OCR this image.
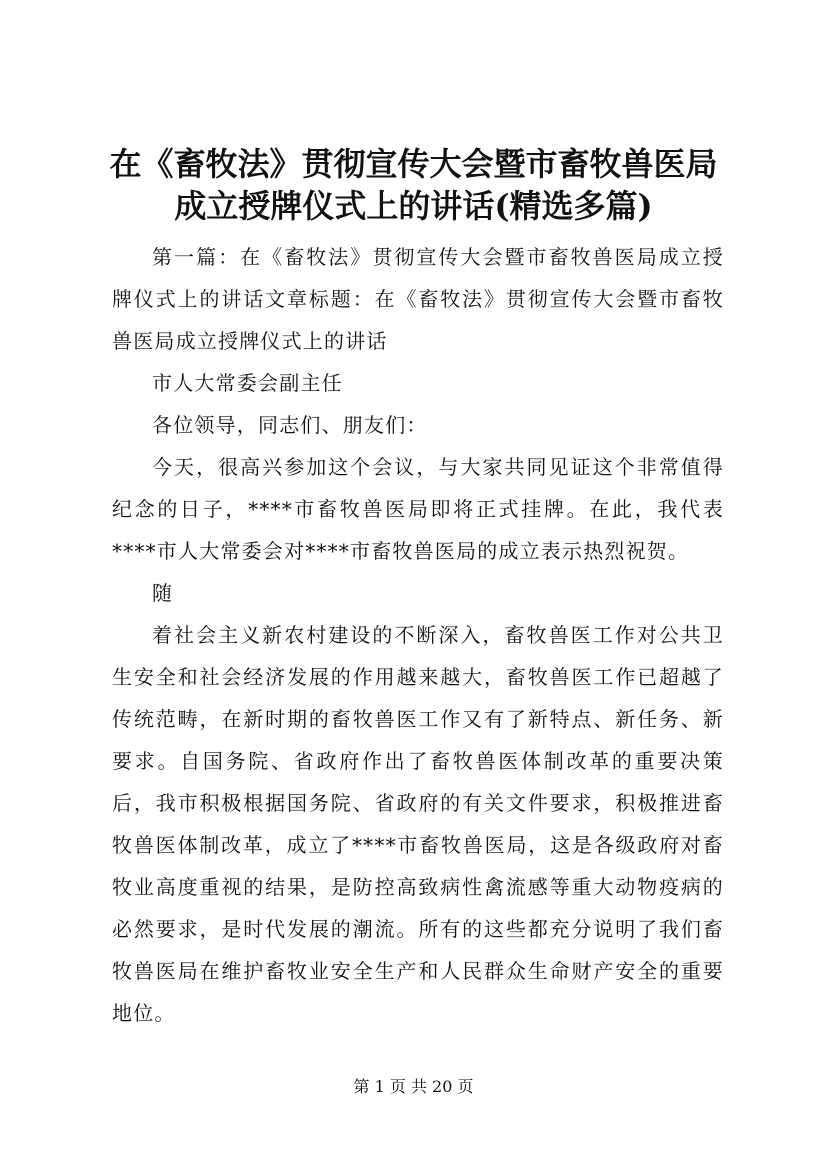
在《畜牧法》贯彻宣传大会暨市畜牧兽医局成立授牌仪式上的讲话(精选多篇)

第一篇：在《畜牧法》贯彻宣传大会暨市畜牧兽医局成立授牌仪式上的讲话文章标题：在《畜牧法》贯彻宣传大会暨市畜牧兽医局成立授牌仪式上的讲话

市人大常委会副主任

各位领导，同志们、朋友们：

今天，很高兴参加这个会议，与大家共同见证这个非常值得纪念的日子，****市畜牧兽医局即将正式挂牌。在此，我代表****市人大常委会对****市畜牧兽医局的成立表示热烈祝贺。

随

着社会主义新农村建设的不断深入，畜牧兽医工作对公共卫生安全和社会经济发展的作用越来越大，畜牧兽医工作已超越了传统范畴，在新时期的畜牧兽医工作又有了新特点、新任务、新要求。自国务院、省政府作出了畜牧兽医体制改革的重要决策后，我市积极根据国务院、省政府的有关文件要求，积极推进畜牧兽医体制改革，成立了****市畜牧兽医局，这是各级政府对畜牧业高度重视的结果，是防控高致病性禽流感等重大动物疫病的必然要求，是时代发展的潮流。所有的这些都充分说明了我们畜牧兽医局在维护畜牧业安全生产和人民群众生命财产安全的重要地位。

第 1 页 共 20 页
